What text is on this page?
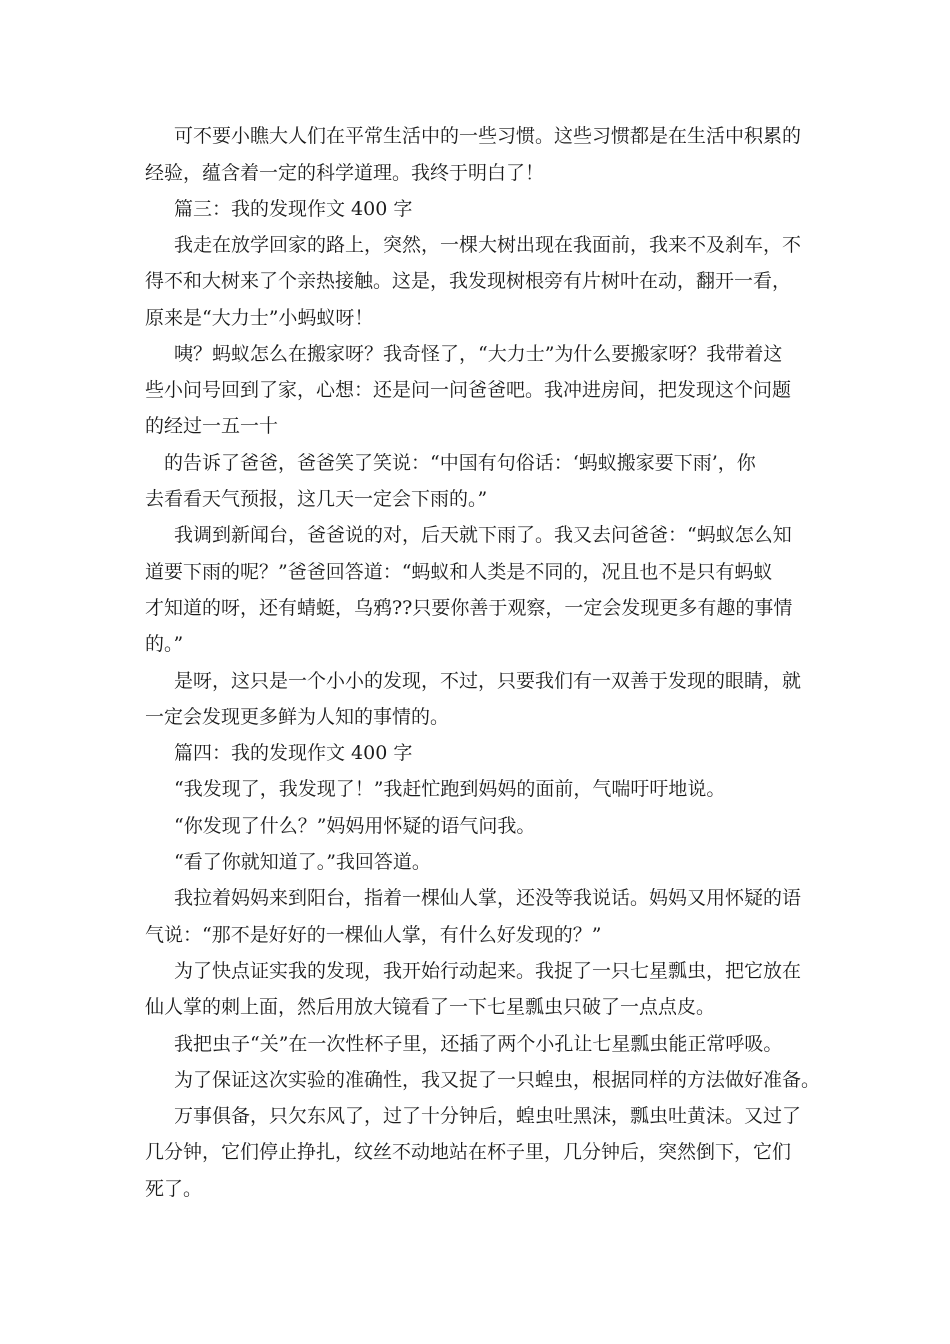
可不要小瞧大人们在平常生活中的一些习惯。这些习惯都是在生活中积累的

经验，蕴含着一定的科学道理。我终于明白了！

篇三：我的发现作文 400 字

我走在放学回家的路上，突然，一棵大树出现在我面前，我来不及刹车，不

得不和大树来了个亲热接触。这是，我发现树根旁有片树叶在动，翻开一看，

原来是“大力士”小蚂蚁呀！

咦？蚂蚁怎么在搬家呀？我奇怪了，“大力士”为什么要搬家呀？我带着这

些小问号回到了家，心想：还是问一问爸爸吧。我冲进房间，把发现这个问题

的经过一五一十

的告诉了爸爸，爸爸笑了笑说：“中国有句俗话：‘蚂蚁搬家要下雨’，你

去看看天气预报，这几天一定会下雨的。”

我调到新闻台，爸爸说的对，后天就下雨了。我又去问爸爸：“蚂蚁怎么知

道要下雨的呢？”爸爸回答道：“蚂蚁和人类是不同的，况且也不是只有蚂蚁

才知道的呀，还有蜻蜓，乌鸦??只要你善于观察，一定会发现更多有趣的事情

的。”

是呀，这只是一个小小的发现，不过，只要我们有一双善于发现的眼睛，就

一定会发现更多鲜为人知的事情的。

篇四：我的发现作文 400 字

“我发现了，我发现了！”我赶忙跑到妈妈的面前，气喘吁吁地说。

“你发现了什么？”妈妈用怀疑的语气问我。

“看了你就知道了。”我回答道。

我拉着妈妈来到阳台，指着一棵仙人掌，还没等我说话。妈妈又用怀疑的语

气说：“那不是好好的一棵仙人掌，有什么好发现的？”

为了快点证实我的发现，我开始行动起来。我捉了一只七星瓢虫，把它放在

仙人掌的刺上面，然后用放大镜看了一下七星瓢虫只破了一点点皮。

我把虫子“关”在一次性杯子里，还插了两个小孔让七星瓢虫能正常呼吸。

为了保证这次实验的准确性，我又捉了一只蝗虫，根据同样的方法做好准备。

万事俱备，只欠东风了，过了十分钟后，蝗虫吐黑沫，瓢虫吐黄沫。又过了

几分钟，它们停止挣扎，纹丝不动地站在杯子里，几分钟后，突然倒下，它们

死了。
